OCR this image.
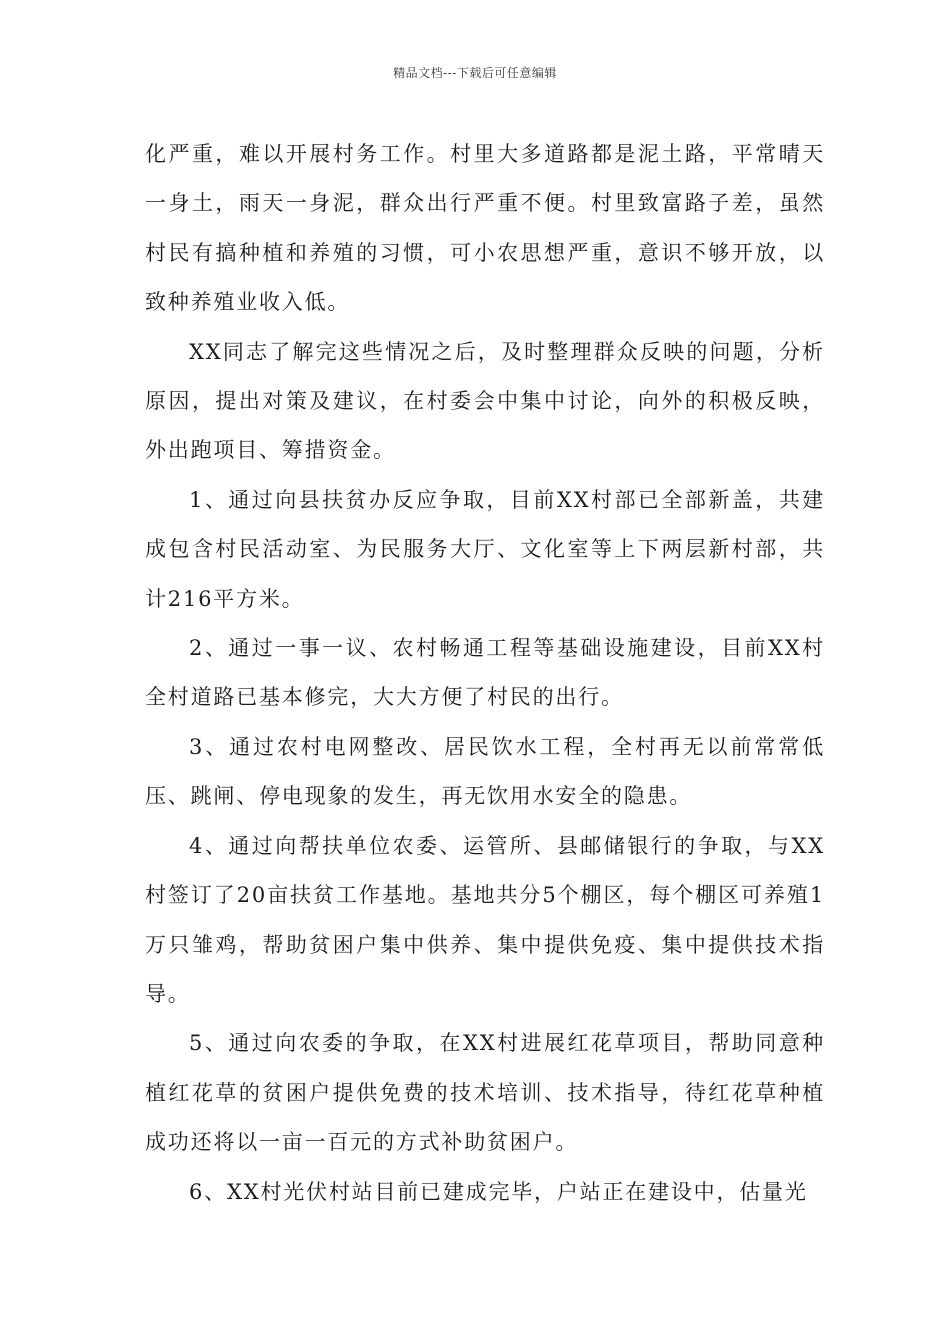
精品文档---下载后可任意编辑

化严重，难以开展村务工作。村里大多道路都是泥土路，平常晴天一身土，雨天一身泥，群众出行严重不便。村里致富路子差，虽然村民有搞种植和养殖的习惯，可小农思想严重，意识不够开放，以致种养殖业收入低。

XX同志了解完这些情况之后，及时整理群众反映的问题，分析原因，提出对策及建议，在村委会中集中讨论，向外的积极反映，外出跑项目、筹措资金。

1、通过向县扶贫办反应争取，目前XX村部已全部新盖，共建成包含村民活动室、为民服务大厅、文化室等上下两层新村部，共计216平方米。

2、通过一事一议、农村畅通工程等基础设施建设，目前XX村全村道路已基本修完，大大方便了村民的出行。

3、通过农村电网整改、居民饮水工程，全村再无以前常常低压、跳闸、停电现象的发生，再无饮用水安全的隐患。

4、通过向帮扶单位农委、运管所、县邮储银行的争取，与XX村签订了20亩扶贫工作基地。基地共分5个棚区，每个棚区可养殖1万只雏鸡，帮助贫困户集中供养、集中提供免疫、集中提供技术指导。

5、通过向农委的争取，在XX村进展红花草项目，帮助同意种植红花草的贫困户提供免费的技术培训、技术指导，待红花草种植成功还将以一亩一百元的方式补助贫困户。

6、XX村光伏村站目前已建成完毕，户站正在建设中，估量光
